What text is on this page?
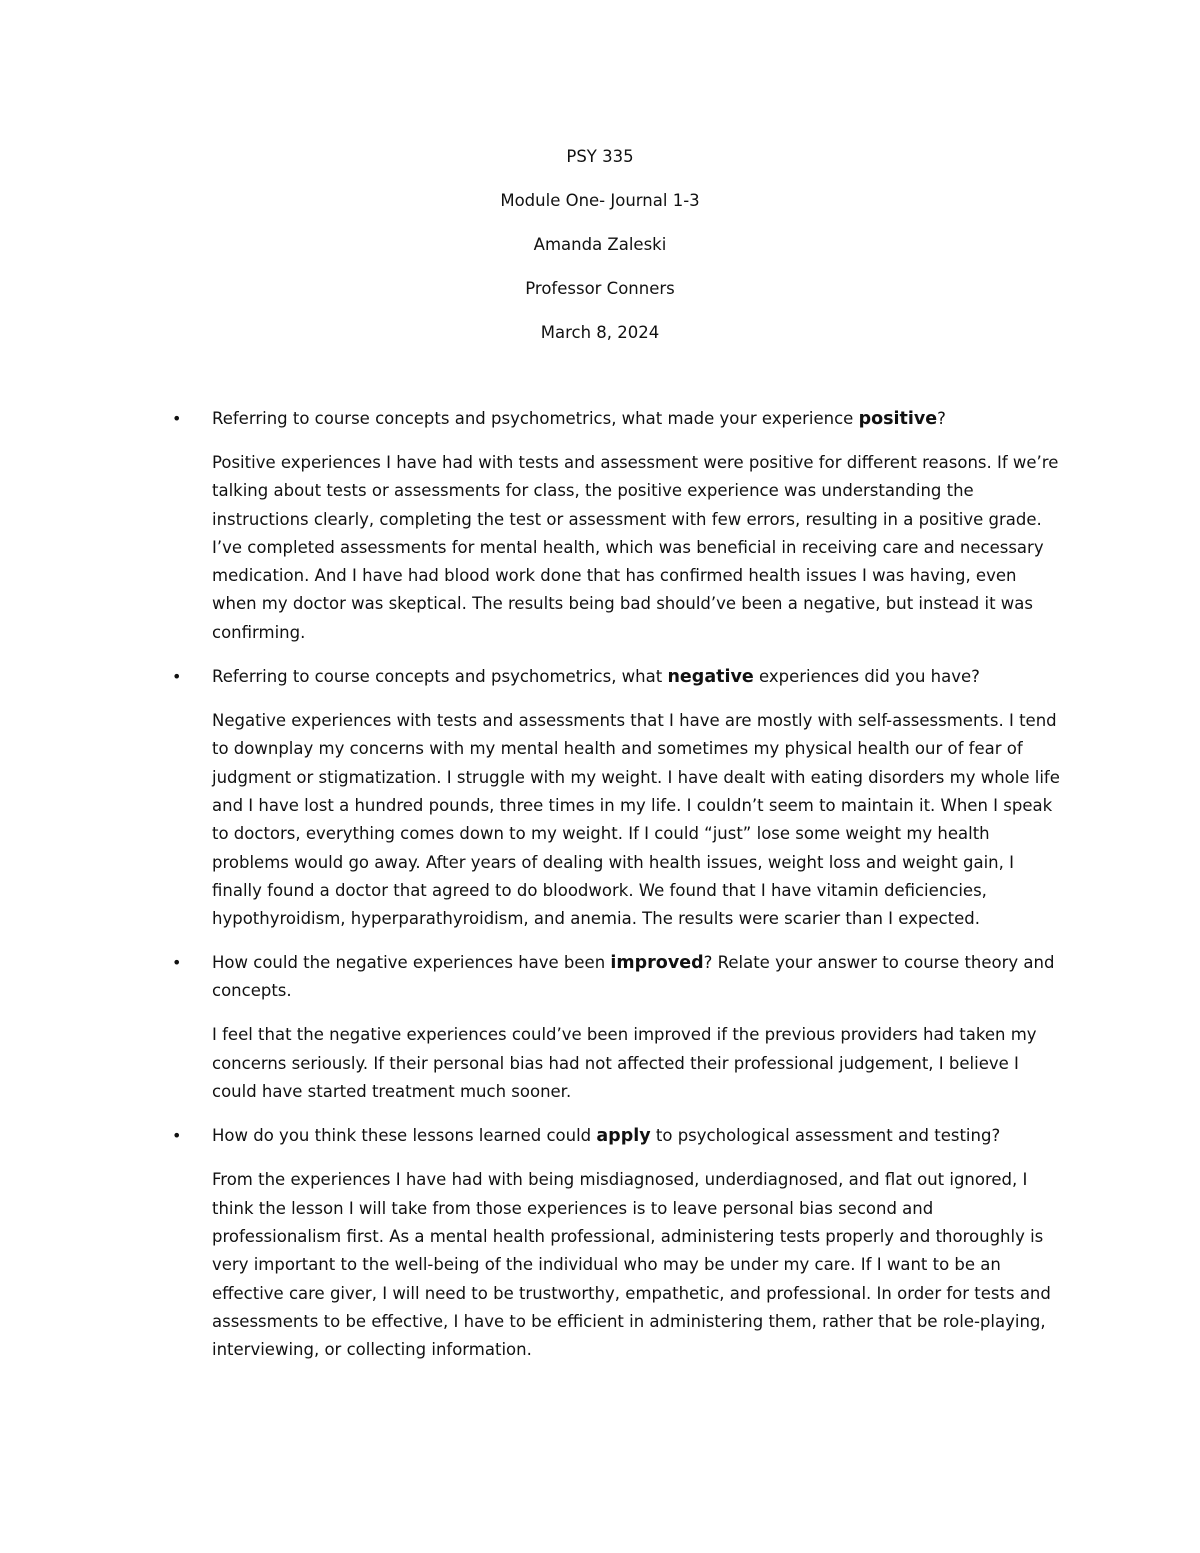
PSY 335
Module One- Journal 1-3
Amanda Zaleski
Professor Conners
March 8, 2024
• Referring to course concepts and psychometrics, what made your experience positive?

Positive experiences I have had with tests and assessment were positive for different reasons. If we’re talking about tests or assessments for class, the positive experience was understanding the instructions clearly, completing the test or assessment with few errors, resulting in a positive grade. I’ve completed assessments for mental health, which was beneficial in receiving care and necessary medication. And I have had blood work done that has confirmed health issues I was having, even when my doctor was skeptical. The results being bad should’ve been a negative, but instead it was confirming.

• Referring to course concepts and psychometrics, what negative experiences did you have?

Negative experiences with tests and assessments that I have are mostly with self-assessments. I tend to downplay my concerns with my mental health and sometimes my physical health our of fear of judgment or stigmatization. I struggle with my weight. I have dealt with eating disorders my whole life and I have lost a hundred pounds, three times in my life. I couldn’t seem to maintain it. When I speak to doctors, everything comes down to my weight. If I could “just” lose some weight my health problems would go away. After years of dealing with health issues, weight loss and weight gain, I finally found a doctor that agreed to do bloodwork. We found that I have vitamin deficiencies, hypothyroidism, hyperparathyroidism, and anemia. The results were scarier than I expected.

• How could the negative experiences have been improved? Relate your answer to course theory and concepts.

I feel that the negative experiences could’ve been improved if the previous providers had taken my concerns seriously. If their personal bias had not affected their professional judgement, I believe I could have started treatment much sooner.

• How do you think these lessons learned could apply to psychological assessment and testing?

From the experiences I have had with being misdiagnosed, underdiagnosed, and flat out ignored, I think the lesson I will take from those experiences is to leave personal bias second and professionalism first. As a mental health professional, administering tests properly and thoroughly is very important to the well-being of the individual who may be under my care. If I want to be an effective care giver, I will need to be trustworthy, empathetic, and professional. In order for tests and assessments to be effective, I have to be efficient in administering them, rather that be role-playing, interviewing, or collecting information.
